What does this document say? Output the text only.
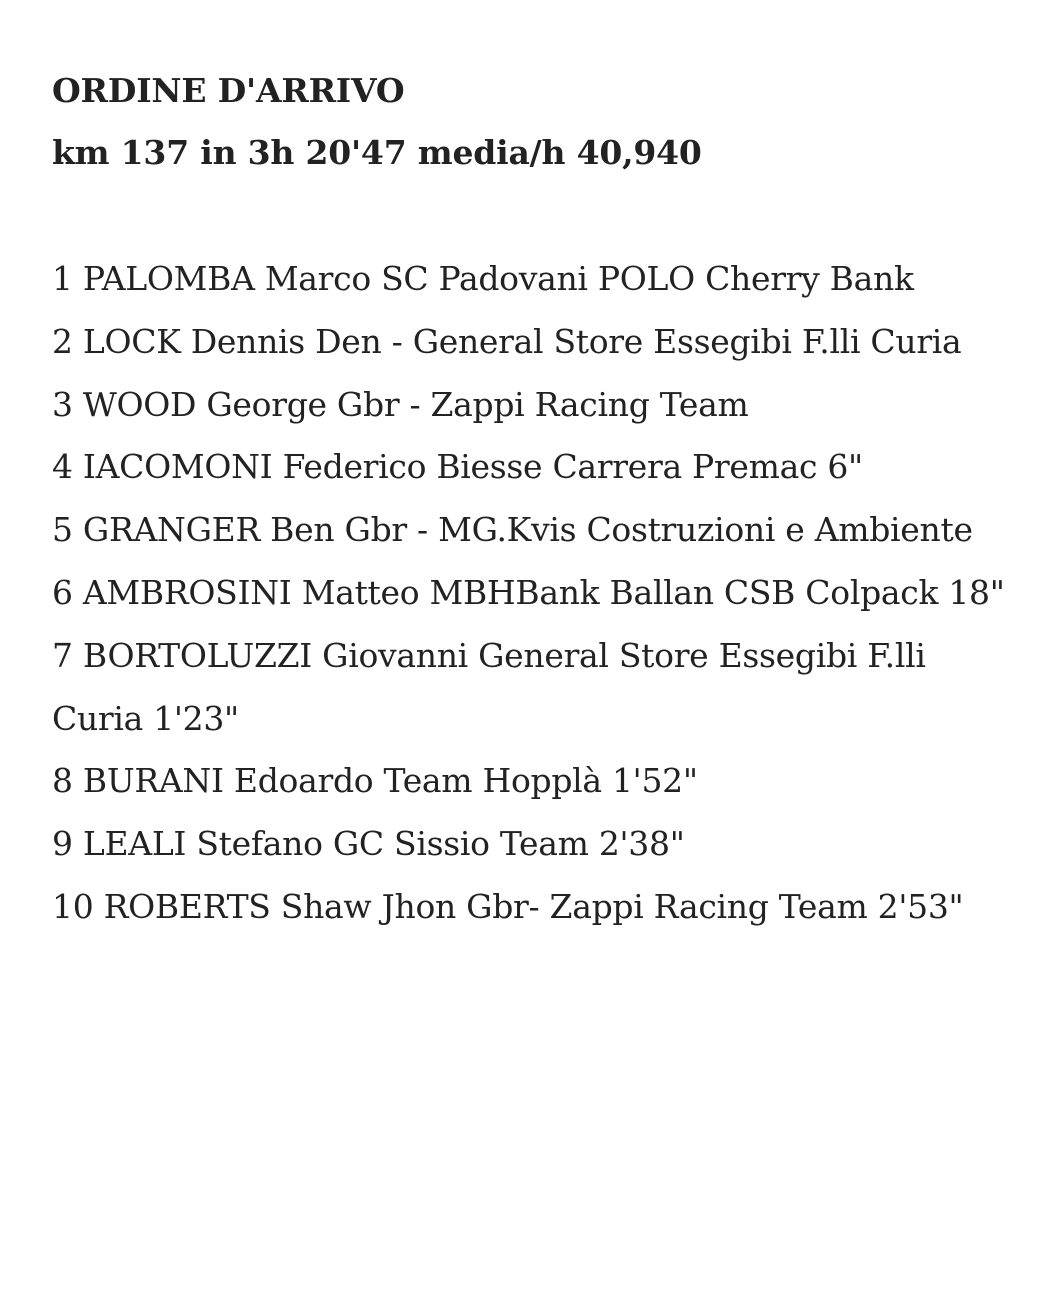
ORDINE D'ARRIVO
km 137 in 3h 20'47 media/h 40,940
1 PALOMBA Marco SC Padovani POLO Cherry Bank
2 LOCK Dennis Den - General Store Essegibi F.lli Curia
3 WOOD George Gbr - Zappi Racing Team
4 IACOMONI Federico Biesse Carrera Premac 6"
5 GRANGER Ben Gbr - MG.Kvis Costruzioni e Ambiente
6 AMBROSINI Matteo MBHBank Ballan CSB Colpack 18"
7 BORTOLUZZI Giovanni General Store Essegibi F.lli Curia 1'23"
8 BURANI Edoardo Team Hopplà 1'52"
9 LEALI Stefano GC Sissio Team 2'38"
10 ROBERTS Shaw Jhon Gbr- Zappi Racing Team 2'53"
